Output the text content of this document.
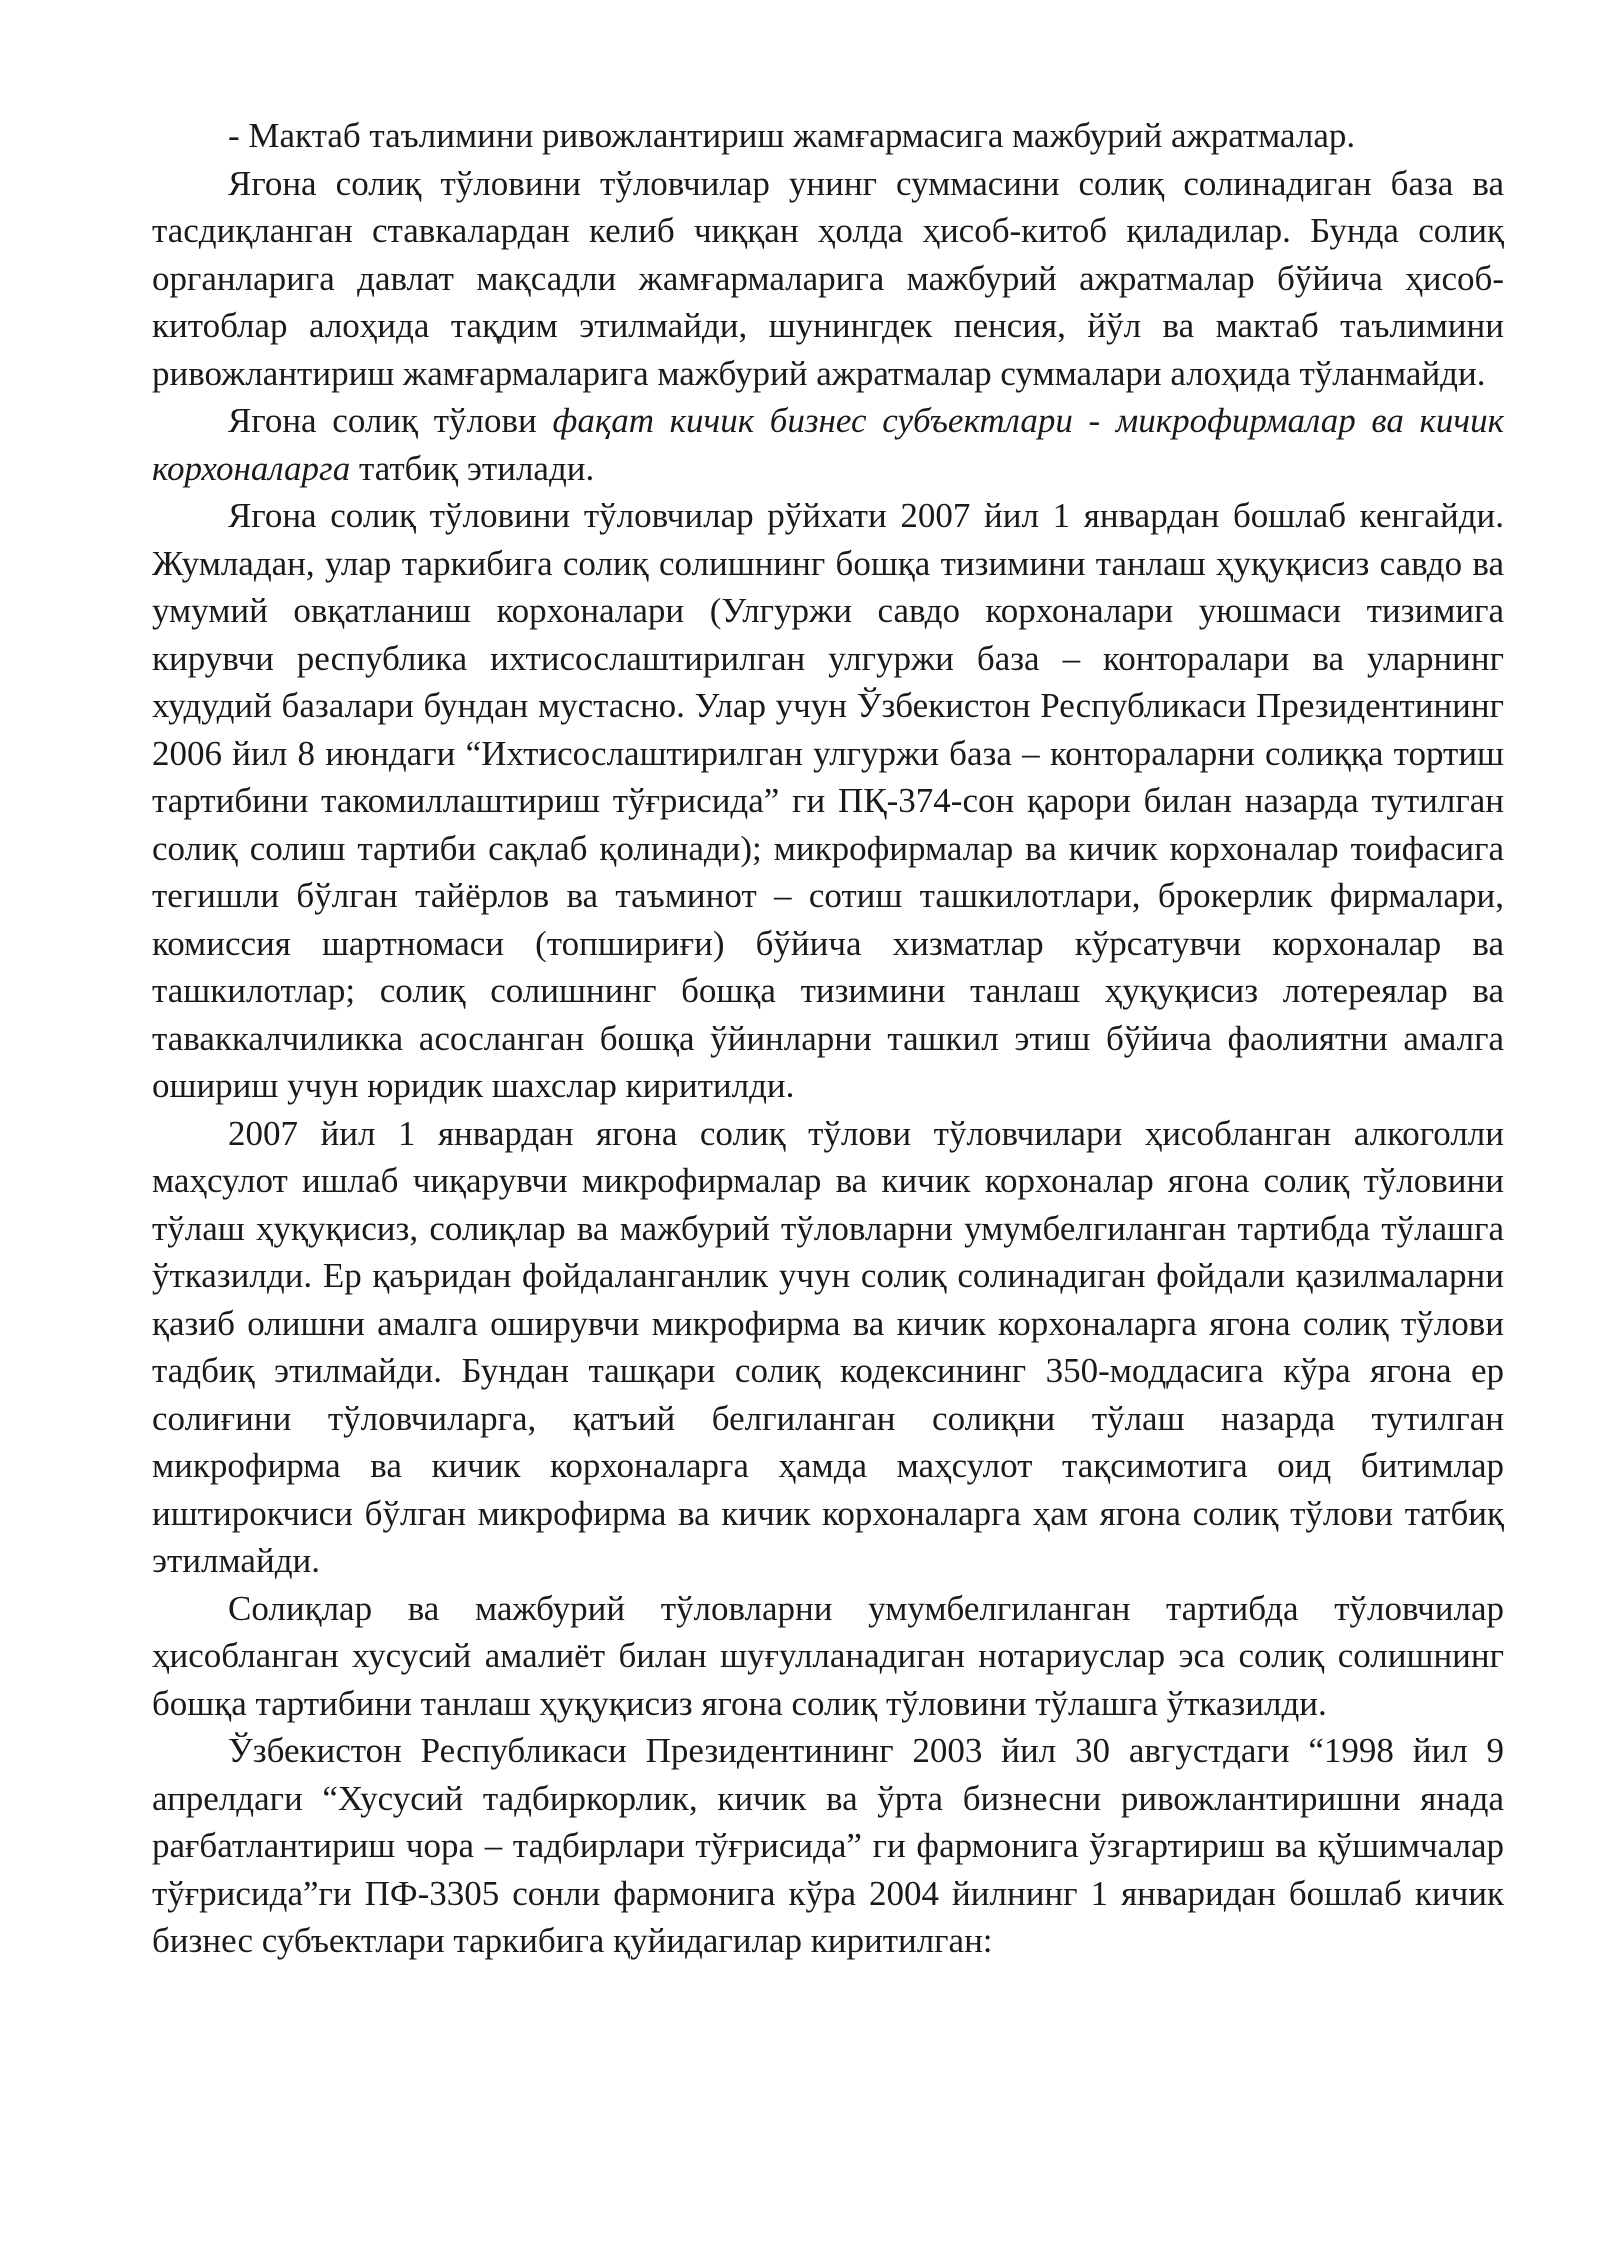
- Мактаб таълимини ривожлантириш жамғармасига мажбурий ажратмалар.

Ягона солиқ тўловини тўловчилар унинг суммасини солиқ солинадиган база ва тасдиқланган ставкалардан келиб чиққан ҳолда ҳисоб-китоб қиладилар. Бунда солиқ органларига давлат мақсадли жамғармаларига мажбурий ажратмалар бўйича ҳисоб-китоблар алоҳида тақдим этилмайди, шунингдек пенсия, йўл ва мактаб таълимини ривожлантириш жамғармаларига мажбурий ажратмалар суммалари алоҳида тўланмайди.

Ягона солиқ тўлови фақат кичик бизнес субъектлари - микрофирмалар ва кичик корхоналарга татбиқ этилади.

Ягона солиқ тўловини тўловчилар рўйхати 2007 йил 1 январдан бошлаб кенгайди. Жумладан, улар таркибига солиқ солишнинг бошқа тизимини танлаш ҳуқуқисиз савдо ва умумий овқатланиш корхоналари (Улгуржи савдо корхоналари уюшмаси тизимига кирувчи республика ихтисослаштирилган улгуржи база – конторалари ва уларнинг худудий базалари бундан мустасно. Улар учун Ўзбекистон Республикаси Президентининг 2006 йил 8 июндаги “Ихтисослаштирилган улгуржи база – конторaларни солиққа тортиш тартибини такомиллаштириш тўғрисида” ги ПҚ-374-сон қарори билан назарда тутилган солиқ солиш тартиби сақлаб қолинади); микрофирмалар ва кичик корхоналар тоифасига тегишли бўлган тайёрлов ва таъминот – сотиш ташкилотлари, брокерлик фирмалари, комиссия шартномаси (топшириғи) бўйича хизматлар кўрсатувчи корхоналар ва ташкилотлар; солиқ солишнинг бошқа тизимини танлаш ҳуқуқисиз лотереялар ва таваккалчиликка асосланган бошқа ўйинларни ташкил этиш бўйича фаолиятни амалга ошириш учун юридик шахслар киритилди.

2007 йил 1 январдан ягона солиқ тўлови тўловчилари ҳисобланган алкоголли маҳсулот ишлаб чиқарувчи микрофирмалар ва кичик корхоналар ягона солиқ тўловини тўлаш ҳуқуқисиз, солиқлар ва мажбурий тўловларни умумбелгиланган тартибда тўлашга ўтказилди. Ер қаъридан фойдаланганлик учун солиқ солинадиган фойдали қазилмаларни қазиб олишни амалга оширувчи микрофирма ва кичик корхоналарга ягона солиқ тўлови тадбиқ этилмайди. Бундан ташқари солиқ кодексининг 350-моддасига кўра ягона ер солиғини тўловчиларга, қатъий белгиланган солиқни тўлаш назарда тутилган микрофирма ва кичик корхоналарга ҳамда маҳсулот тақсимотига оид битимлар иштирокчиси бўлган микрофирма ва кичик корхоналарга ҳам ягона солиқ тўлови татбиқ этилмайди.

Солиқлар ва мажбурий тўловларни умумбелгиланган тартибда тўловчилар ҳисобланган хусусий амалиёт билан шуғулланадиган нотариуслар эса солиқ солишнинг бошқа тартибини танлаш ҳуқуқисиз ягона солиқ тўловини тўлашга ўтказилди.

Ўзбекистон Республикаси Президентининг 2003 йил 30 августдаги “1998 йил 9 апрелдаги “Хусусий тадбиркорлик, кичик ва ўрта бизнесни ривожлантиришни янада рағбатлантириш чора – тадбирлари тўғрисида” ги фармонига ўзгартириш ва қўшимчалар тўғрисида”ги ПФ-3305 сонли фармонига кўра 2004 йилнинг 1 январидан бошлаб кичик бизнес субъектлари таркибига қуйидагилар киритилган:
